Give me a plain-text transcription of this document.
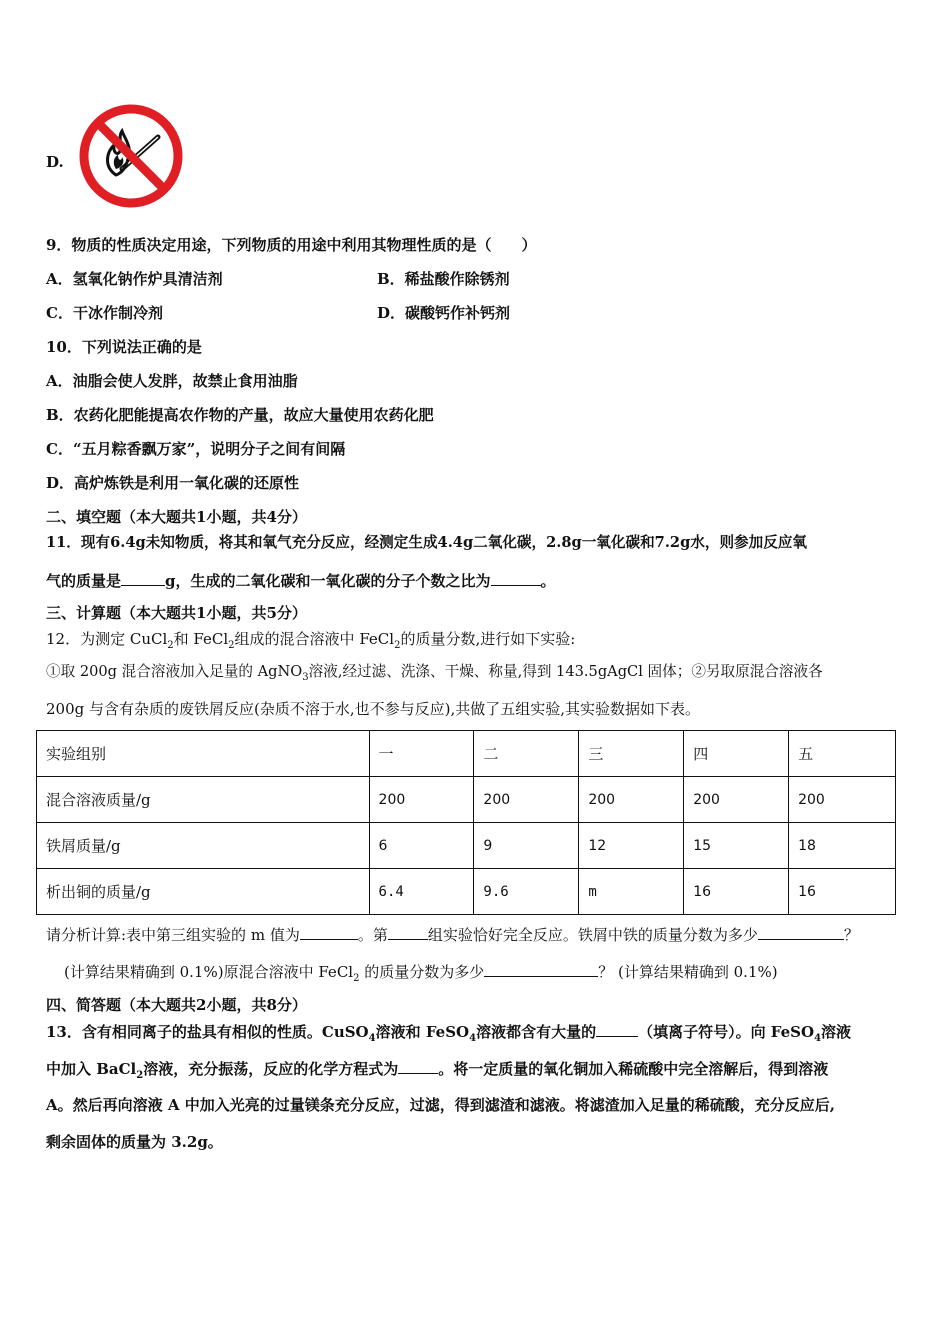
D.
9．物质的性质决定用途，下列物质的用途中利用其物理性质的是（　　）
A．氢氧化钠作炉具清洁剂	B．稀盐酸作除锈剂
C．干冰作制冷剂	D．碳酸钙作补钙剂
10．下列说法正确的是
A．油脂会使人发胖，故禁止食用油脂
B．农药化肥能提高农作物的产量，故应大量使用农药化肥
C．“五月粽香飘万家”，说明分子之间有间隔
D．高炉炼铁是利用一氧化碳的还原性
二、填空题（本大题共1小题，共4分）
11．现有6.4g未知物质，将其和氧气充分反应，经测定生成4.4g二氧化碳，2.8g一氧化碳和7.2g水，则参加反应氧
气的质量是	g，生成的二氧化碳和一氧化碳的分子个数之比为	。
三、计算题（本大题共1小题，共5分）
12．为测定 CuCl$_2$和 FeCl$_2$组成的混合溶液中 FeCl$_2$的质量分数,进行如下实验:
①取 200g 混合溶液加入足量的 AgNO$_3$溶液,经过滤、洗涤、干燥、称量,得到 143.5gAgCl 固体；②另取原混合溶液各
200g 与含有杂质的废铁屑反应(杂质不溶于水,也不参与反应),共做了五组实验,其实验数据如下表。
实验组别	一	二	三	四	五
混合溶液质量/g	200	200	200	200	200
铁屑质量/g	6	9	12	15	18
析出铜的质量/g	6.4	9.6	m	16	16
请分析计算:表中第三组实验的 m 值为	。第	组实验恰好完全反应。铁屑中铁的质量分数为多少	？
(计算结果精确到 0.1%)原混合溶液中 FeCl$_2$ 的质量分数为多少	？ (计算结果精确到 0.1%)
四、简答题（本大题共2小题，共8分）
13．含有相同离子的盐具有相似的性质。CuSO$_4$溶液和 FeSO$_4$溶液都含有大量的	（填离子符号）。向 FeSO$_4$溶液
中加入 BaCl$_2$溶液，充分振荡，反应的化学方程式为	。将一定质量的氧化铜加入稀硫酸中完全溶解后，得到溶液
A。然后再向溶液 A 中加入光亮的过量镁条充分反应，过滤，得到滤渣和滤液。将滤渣加入足量的稀硫酸，充分反应后,
剩余固体的质量为 3.2g。
